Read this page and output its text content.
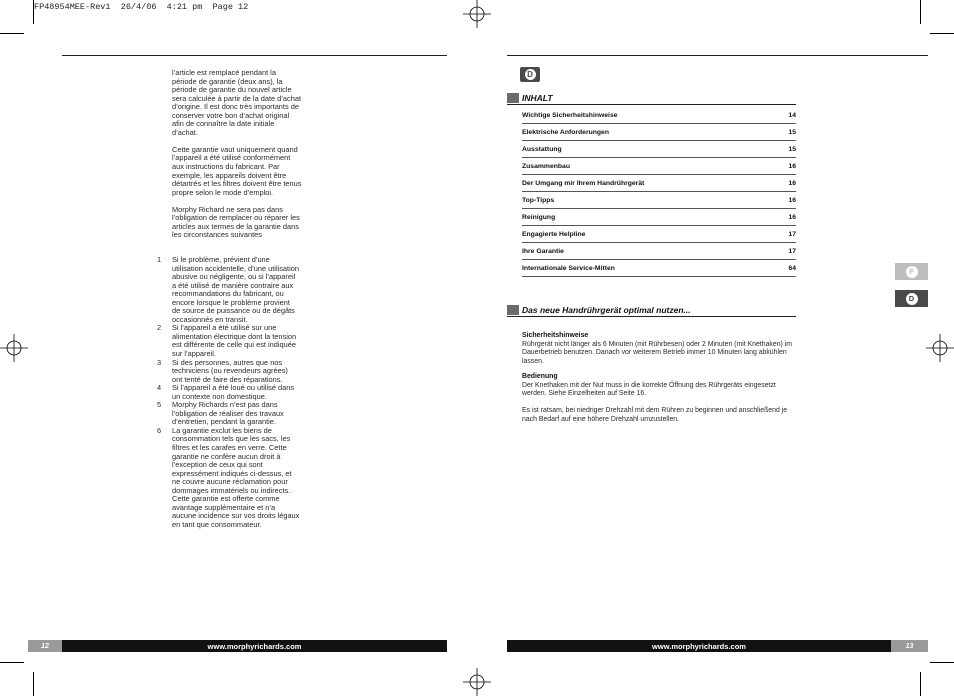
FP48954MEE-Rev1  26/4/06  4:21 pm  Page 12

l’article est remplacé pendant la période de garantie (deux ans), la période de garantie du nouvel article sera calculée à partir de la date d’achat d’origine. Il est donc très importants de conserver votre bon d’achat original afin de connaître la date initiale d’achat.

Cette garantie vaut uniquement quand l’appareil a été utilisé conformément aux instructions du fabricant. Par exemple, les appareils doivent être détartrés et les filtres doivent être tenus propre selon le mode d’emploi.

Morphy Richard ne sera pas dans l’obligation de remplacer ou réparer les articles aux termes de la garantie dans les circonstances suivantes

1	Si le problème, prévient d’une utilisation accidentelle, d’une utilisation abusive ou négligente, ou si l’appareil a été utilisé de manière contraire aux recommandations du fabricant, ou encore lorsque le problème provient de source de puissance ou de dégâts occasionnés en transit.
2	Si l’appareil a été utilisé sur une alimentation électrique dont la tension est différente de celle qui est indiquée sur l’appareil.
3	Si des personnes, autres que nos techniciens (ou revendeurs agrées) ont tenté de faire des réparations.
4	Si l’appareil a été loué ou utilisé dans un contexte non domestique.
5	Morphy Richards n’est pas dans l’obligation de réaliser des travaux d’entretien, pendant la garantie.
6	La garantie exclut les biens de consommation tels que les sacs, les filtres et les carafes en verre. Cette garantie ne confère aucun droit à l’exception de ceux qui sont expressément indiqués ci-dessus, et ne couvre aucune réclamation pour dommages immatériels ou indirects. Cette garantie est offerte comme avantage supplémentaire et n’a aucune incidence sur vos droits légaux en tant que consommateur.
12	www.morphyrichards.com
D
INHALT
Wichtige Sicherheitshinweise	14
Elektrische Anforderungen	15
Ausstattung	15
Zusammenbau	16
Der Umgang mir Ihrem Handrührgerät	16
Top-Tipps	16
Reinigung	16
Engagierte Helpline	17
Ihre Garantie	17
Internationale Service-Mitten	64
Das neue Handrührgerät optimal nutzen...

Sicherheitshinweise

Rührgerät nicht länger als 6 Minuten (mit Rührbesen) oder 2 Minuten (mit Knethaken) im Dauerbetrieb benutzen. Danach vor weiterem Betrieb immer 10 Minuten lang abkühlen lassen.

Bedienung

Der Knethaken mit der Nut muss in die korrekte Öffnung des Rührgeräts eingesetzt werden. Siehe Einzelheiten auf Seite 16.

Es ist ratsam, bei niedriger Drehzahl mit dem Rühren zu beginnen und anschließend je nach Bedarf auf eine höhere Drehzahl umzustellen.

F
D
www.morphyrichards.com	13
